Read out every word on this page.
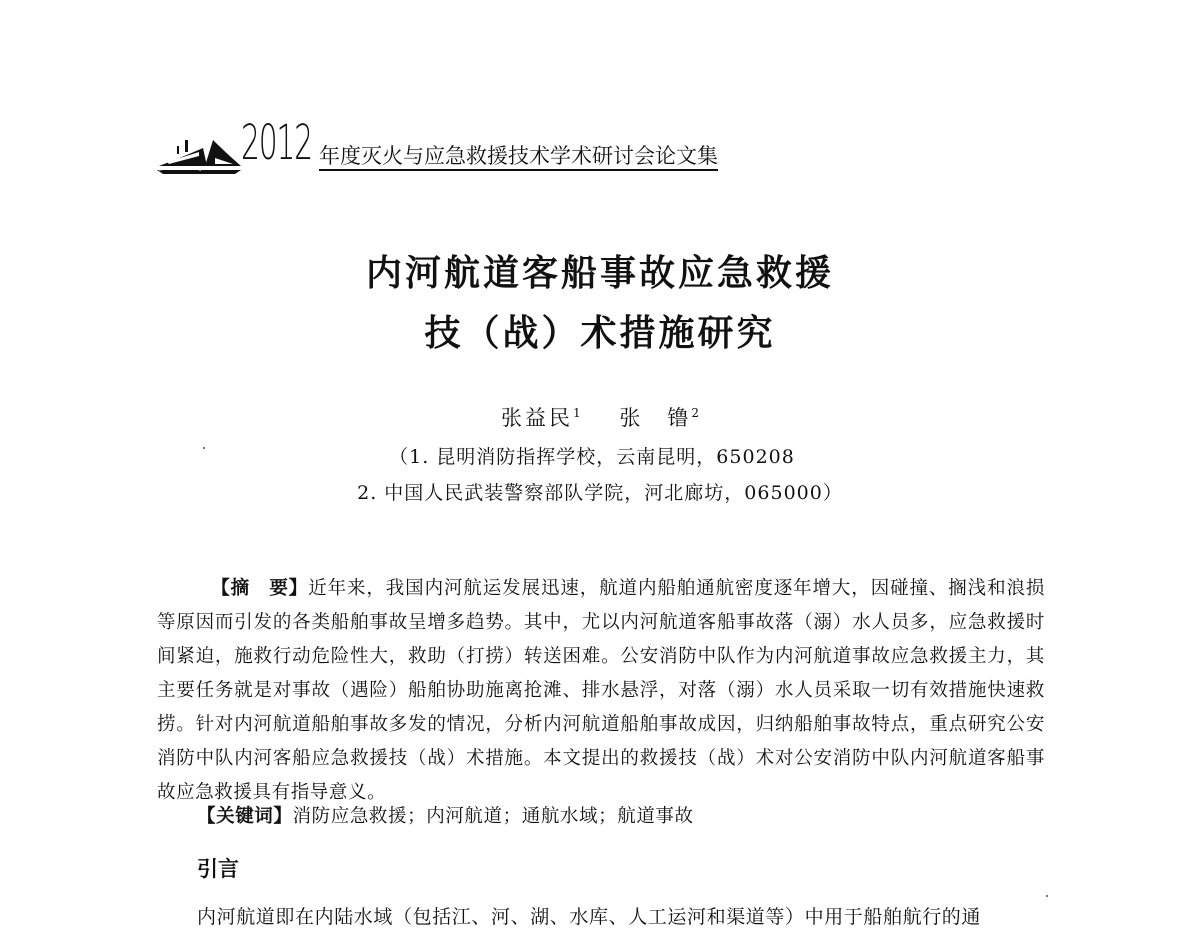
2012 年度灭火与应急救援技术学术研讨会论文集
内河航道客船事故应急救援
技（战）术措施研究
张益民$^1$ 张　镥$^2$
（1. 昆明消防指挥学校，云南昆明，650208
2. 中国人民武装警察部队学院，河北廊坊，065000）
【摘　要】近年来，我国内河航运发展迅速，航道内船舶通航密度逐年增大，因碰撞、搁浅和浪损等原因而引发的各类船舶事故呈增多趋势。其中，尤以内河航道客船事故落（溺）水人员多，应急救援时间紧迫，施救行动危险性大，救助（打捞）转送困难。公安消防中队作为内河航道事故应急救援主力，其主要任务就是对事故（遇险）船舶协助施离抢滩、排水悬浮，对落（溺）水人员采取一切有效措施快速救捞。针对内河航道船舶事故多发的情况，分析内河航道船舶事故成因，归纳船舶事故特点，重点研究公安消防中队内河客船应急救援技（战）术措施。本文提出的救援技（战）术对公安消防中队内河航道客船事故应急救援具有指导意义。
【关键词】消防应急救援；内河航道；通航水域；航道事故
引言
内河航道即在内陆水域（包括江、河、湖、水库、人工运河和渠道等）中用于船舶航行的通
